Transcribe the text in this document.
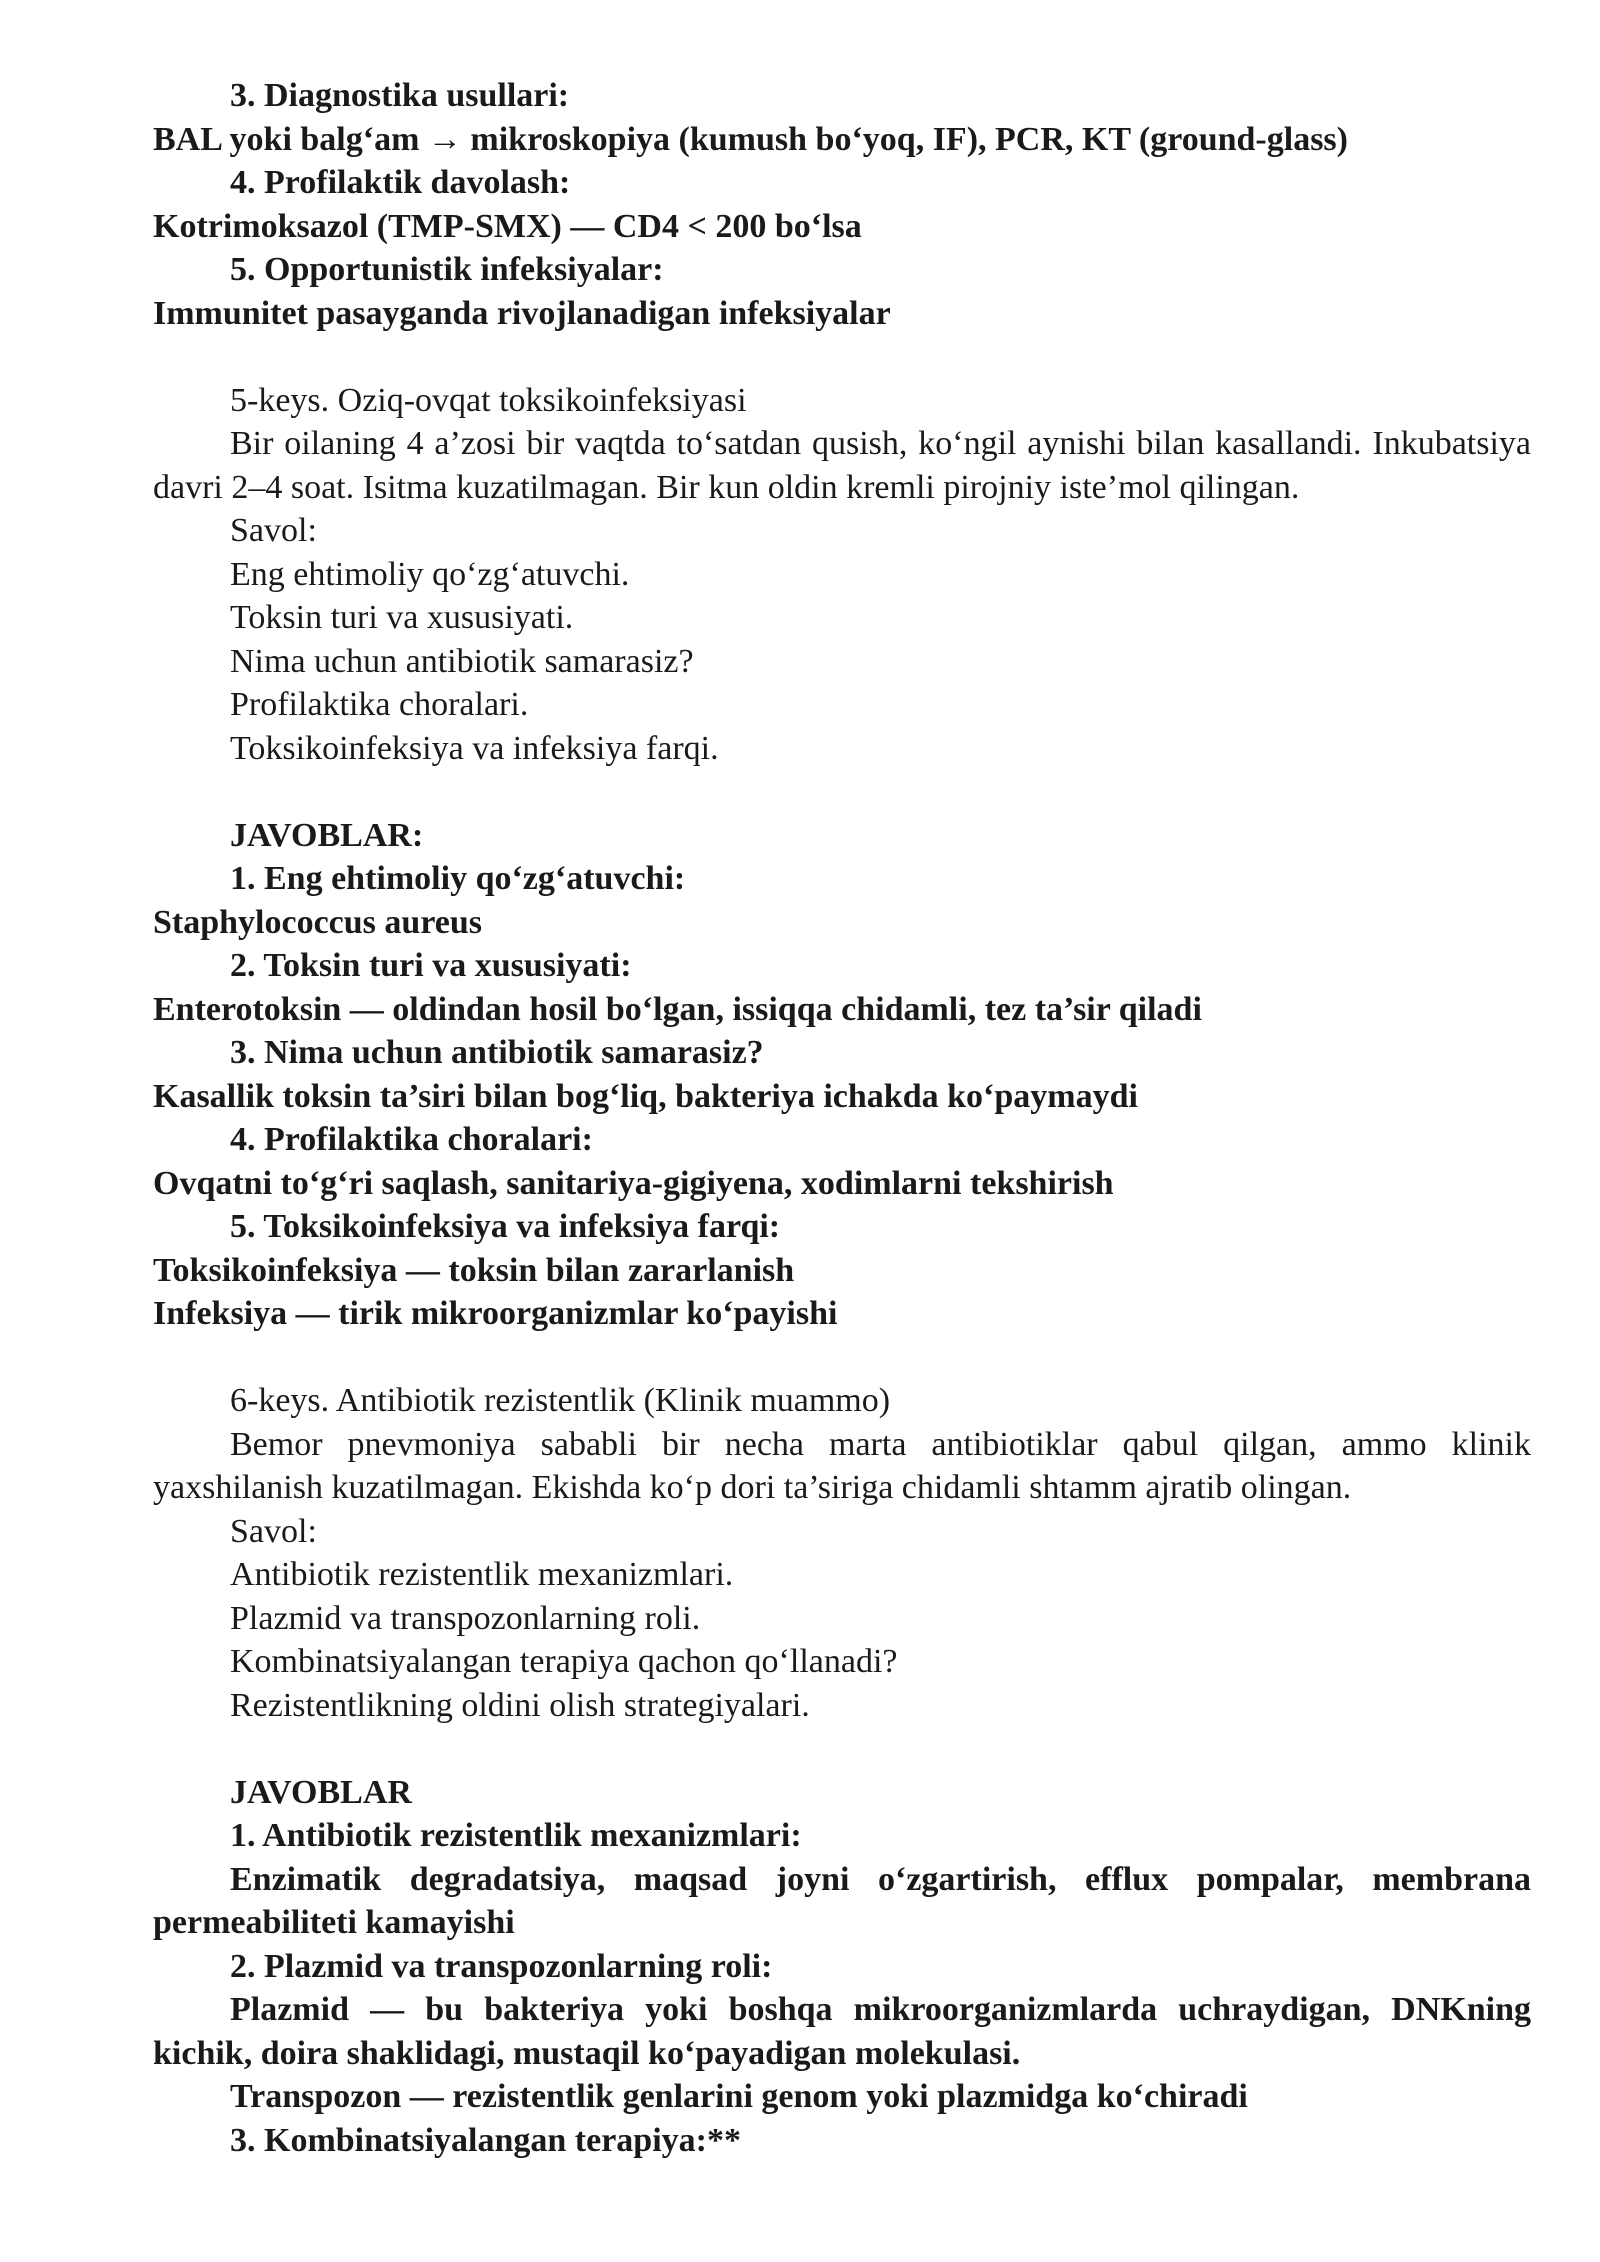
3. Diagnostika usullari:

BAL yoki balg‘am → mikroskopiya (kumush bo‘yoq, IF), PCR, KT (ground-glass)

4. Profilaktik davolash:

Kotrimoksazol (TMP-SMX) — CD4 < 200 bo‘lsa

5. Opportunistik infeksiyalar:

Immunitet pasayganda rivojlanadigan infeksiyalar

5-keys. Oziq-ovqat toksikoinfeksiyasi

Bir oilaning 4 a’zosi bir vaqtda to‘satdan qusish, ko‘ngil aynishi bilan kasallandi. Inkubatsiya davri 2–4 soat. Isitma kuzatilmagan. Bir kun oldin kremli pirojniy iste’mol qilingan.

Savol:

Eng ehtimoliy qo‘zg‘atuvchi.

Toksin turi va xususiyati.

Nima uchun antibiotik samarasiz?

Profilaktika choralari.

Toksikoinfeksiya va infeksiya farqi.

JAVOBLAR:

1. Eng ehtimoliy qo‘zg‘atuvchi:

Staphylococcus aureus

2. Toksin turi va xususiyati:

Enterotoksin — oldindan hosil bo‘lgan, issiqqa chidamli, tez ta’sir qiladi

3. Nima uchun antibiotik samarasiz?

Kasallik toksin ta’siri bilan bog‘liq, bakteriya ichakda ko‘paymaydi

4. Profilaktika choralari:

Ovqatni to‘g‘ri saqlash, sanitariya-gigiyena, xodimlarni tekshirish

5. Toksikoinfeksiya va infeksiya farqi:

Toksikoinfeksiya — toksin bilan zararlanish

Infeksiya — tirik mikroorganizmlar ko‘payishi

6-keys. Antibiotik rezistentlik (Klinik muammo)

Bemor pnevmoniya sababli bir necha marta antibiotiklar qabul qilgan, ammo klinik yaxshilanish kuzatilmagan. Ekishda ko‘p dori ta’siriga chidamli shtamm ajratib olingan.

Savol:

Antibiotik rezistentlik mexanizmlari.

Plazmid va transpozonlarning roli.

Kombinatsiyalangan terapiya qachon qo‘llanadi?

Rezistentlikning oldini olish strategiyalari.

JAVOBLAR

1. Antibiotik rezistentlik mexanizmlari:

Enzimatik degradatsiya, maqsad joyni o‘zgartirish, efflux pompalar, membrana permeabiliteti kamayishi

2. Plazmid va transpozonlarning roli:

Plazmid — bu bakteriya yoki boshqa mikroorganizmlarda uchraydigan, DNKning kichik, doira shaklidagi, mustaqil ko‘payadigan molekulasi.

Transpozon — rezistentlik genlarini genom yoki plazmidga ko‘chiradi

3. Kombinatsiyalangan terapiya:**
